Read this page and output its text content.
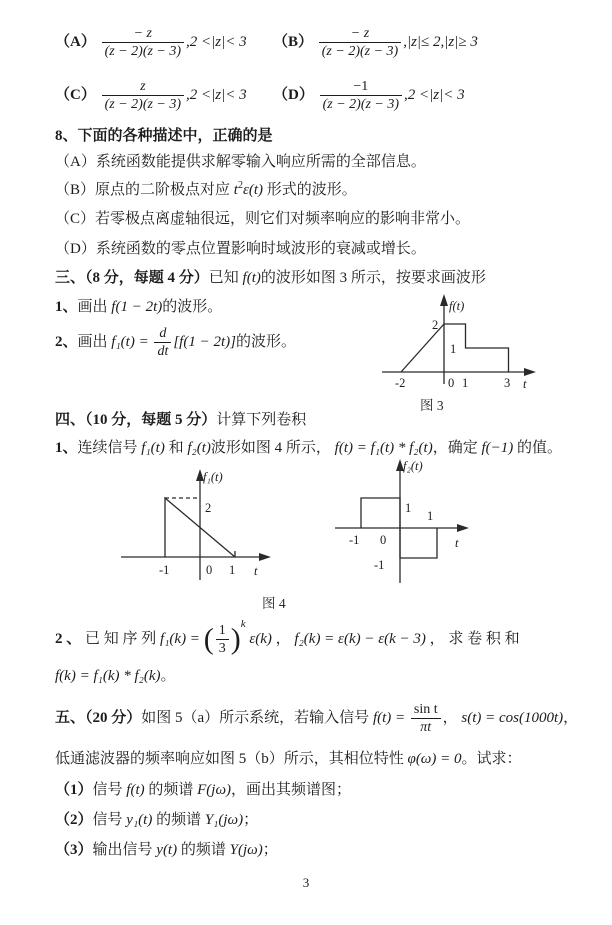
$(A) \frac{- z}{(z - 2)(z - 3)} ,2 <|z|< 3$ $(B) \frac{- z}{(z - 2)(z - 3)} ,|z|\le 2,|z|\ge 3$
$(C) \frac{z}{(z - 2)(z - 3)} ,2 <|z|< 3$ $(D) \frac{-1}{(z - 2)(z - 3)} ,2 <|z|< 3$
8、下面的各种描述中，正确的是
（A）系统函数能提供求解零输入响应所需的全部信息。
（B）原点的二阶极点对应 $t^2\varepsilon(t)$ 形式的波形。
（C）若零极点离虚轴很远，则它们对频率响应的影响非常小。
（D）系统函数的零点位置影响时域波形的衰减或增长。
三、（8 分，每题 4 分）已知 f(t)的波形如图 3 所示，按要求画波形
1、画出 f(1 − 2t)的波形。
2、画出 $f_1(t) = \frac{d}{dt} [f(1 - 2t)]$的波形。
f(t)
2
1
-2	0 1	3 t
图 3
四、（10 分，每题 5 分）计算下列卷积
1、连续信号 f₁(t) 和 f₂(t)波形如图 4 所示， f(t) = f₁(t) * f₂(t)，确定 f(−1) 的值。
f₁(t)
2
-1	0 1 t
f₂(t)
1
-1 0
1
t
-1
图 4
2 、 已 知 序 列 f₁(k) = ( $\frac{1}{3} )^k$ ε(k) ， f₂(k) = ε(k) − ε(k − 3) ， 求 卷 积 和
f(k) = f₁(k) * f₂(k)。
五、（20 分）如图 5（a）所示系统，若输入信号 $f(t) = \frac{\text{sin t}}{\pi t}$ ， s(t) = cos(1000t)，
低通滤波器的频率响应如图 5（b）所示，其相位特性 φ(ω) = 0。试求：
（1）信号 f(t) 的频谱 F(jω)，画出其频谱图；
（2）信号 y₁(t) 的频谱 Y₁(jω)；
（3）输出信号 y(t) 的频谱 Y(jω)；
3
